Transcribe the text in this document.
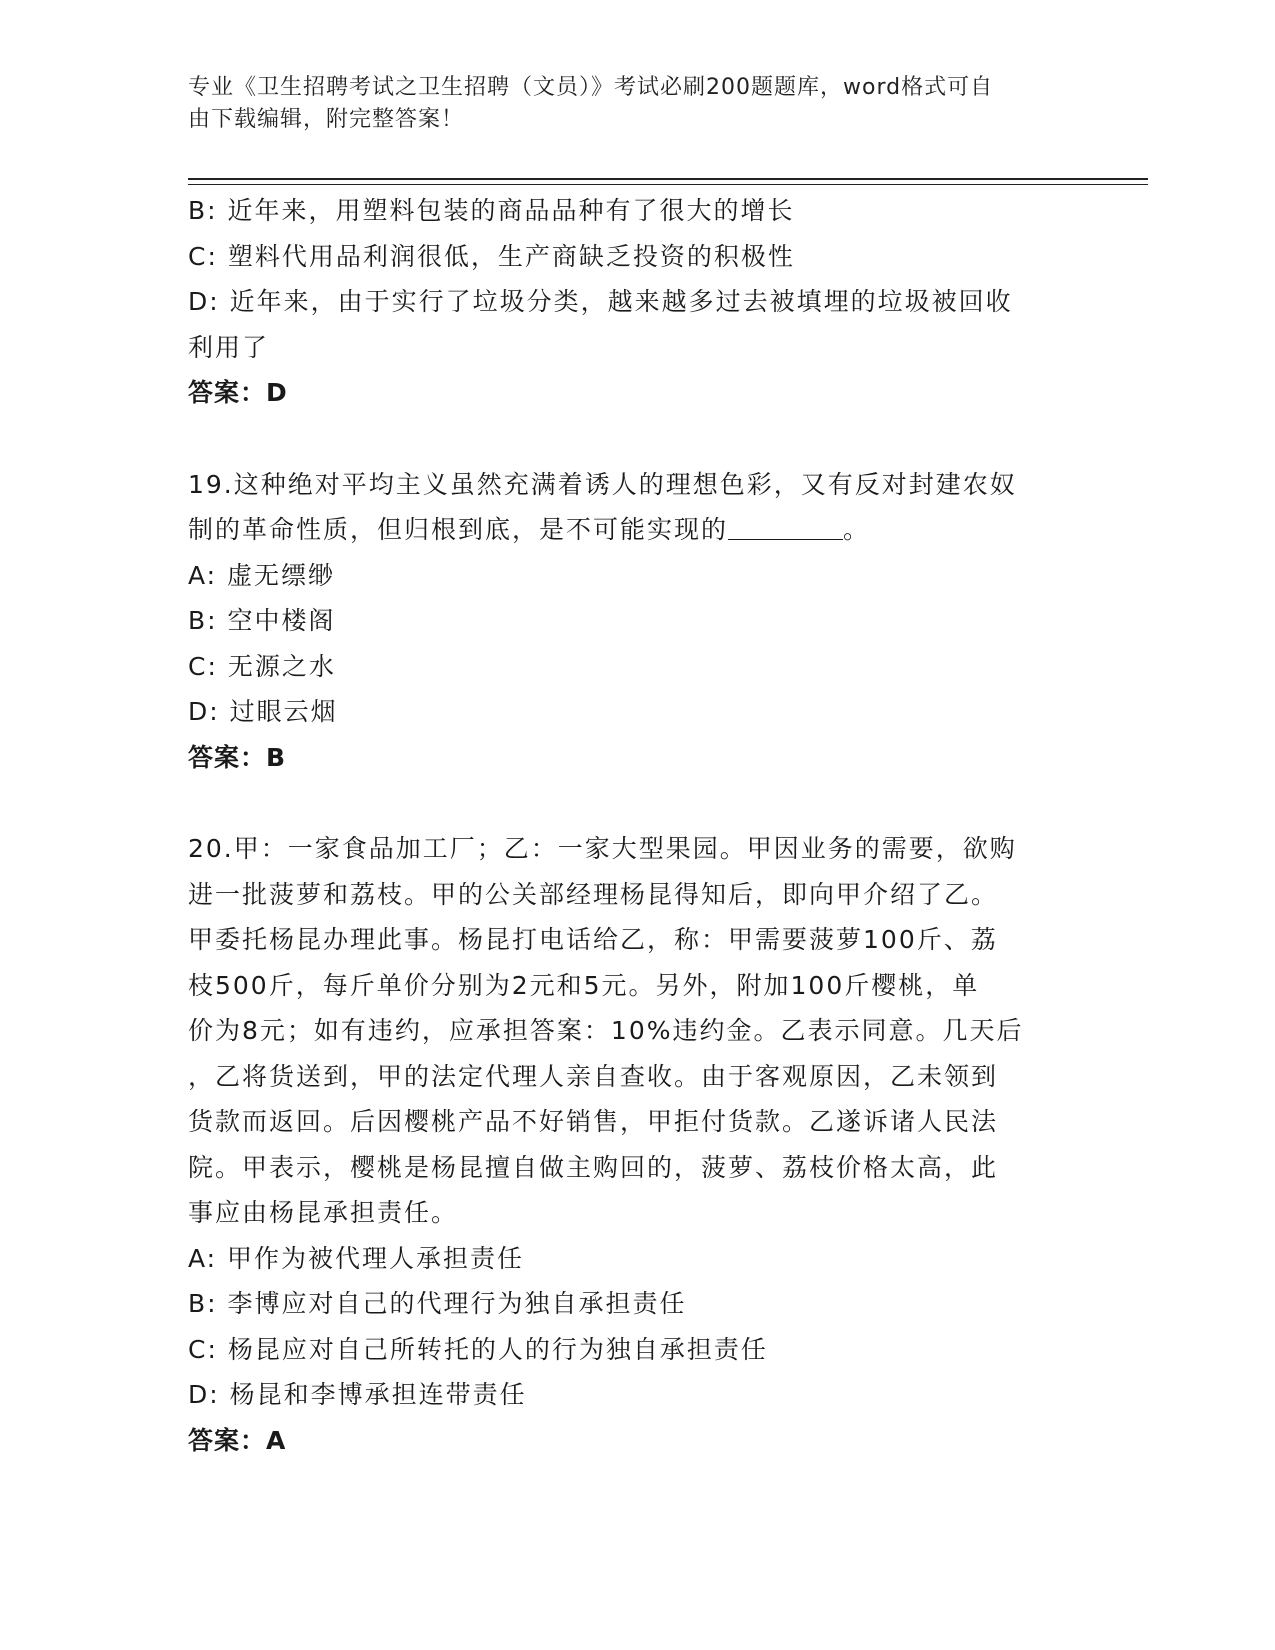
专业《卫生招聘考试之卫生招聘（文员）》考试必刷200题题库，word格式可自
由下载编辑，附完整答案！
B: 近年来，用塑料包装的商品品种有了很大的增长
C: 塑料代用品利润很低，生产商缺乏投资的积极性
D: 近年来，由于实行了垃圾分类，越来越多过去被填埋的垃圾被回收
利用了
答案：D
19.这种绝对平均主义虽然充满着诱人的理想色彩，又有反对封建农奴
制的革命性质，但归根到底，是不可能实现的	。
A: 虚无缥缈
B: 空中楼阁
C: 无源之水
D: 过眼云烟
答案：B
20.甲：一家食品加工厂；乙：一家大型果园。甲因业务的需要，欲购
进一批菠萝和荔枝。甲的公关部经理杨昆得知后，即向甲介绍了乙。
甲委托杨昆办理此事。杨昆打电话给乙，称：甲需要菠萝100斤、荔
枝500斤，每斤单价分别为2元和5元。另外，附加100斤樱桃，单
价为8元；如有违约，应承担答案：10%违约金。乙表示同意。几天后
，乙将货送到，甲的法定代理人亲自查收。由于客观原因，乙未领到
货款而返回。后因樱桃产品不好销售，甲拒付货款。乙遂诉诸人民法
院。甲表示，樱桃是杨昆擅自做主购回的，菠萝、荔枝价格太高，此
事应由杨昆承担责任。
A: 甲作为被代理人承担责任
B: 李博应对自己的代理行为独自承担责任
C: 杨昆应对自己所转托的人的行为独自承担责任
D: 杨昆和李博承担连带责任
答案：A
